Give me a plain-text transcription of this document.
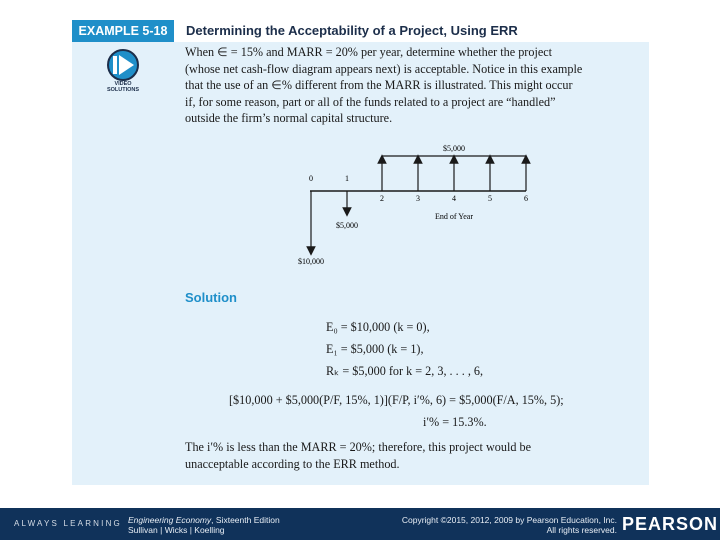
EXAMPLE 5-18	Determining the Acceptability of a Project, Using ERR
VIDEO
SOLUTIONS
When ∈ = 15% and MARR = 20% per year, determine whether the project
(whose net cash-flow diagram appears next) is acceptable. Notice in this example
that the use of an ∈% different from the MARR is illustrated. This might occur
if, for some reason, part or all of the funds related to a project are “handled”
outside the firm’s normal capital structure.
$5,000
0	1
2	3	4	5	6
End of Year
$5,000
$10,000
Solution
E₀ = $10,000 (k = 0),
E₁ = $5,000 (k = 1),
Rₖ = $5,000 for k = 2, 3, . . . , 6,
[$10,000 + $5,000(P/F, 15%, 1)](F/P, i′%, 6) = $5,000(F/A, 15%, 5);
i′% = 15.3%.
The i′% is less than the MARR = 20%; therefore, this project would be
unacceptable according to the ERR method.
ALWAYS LEARNING Engineering Economy, Sixteenth Edition
Sullivan | Wicks | Koelling
Copyright ©2015, 2012, 2009 by Pearson Education, Inc.
All rights reserved. PEARSON
